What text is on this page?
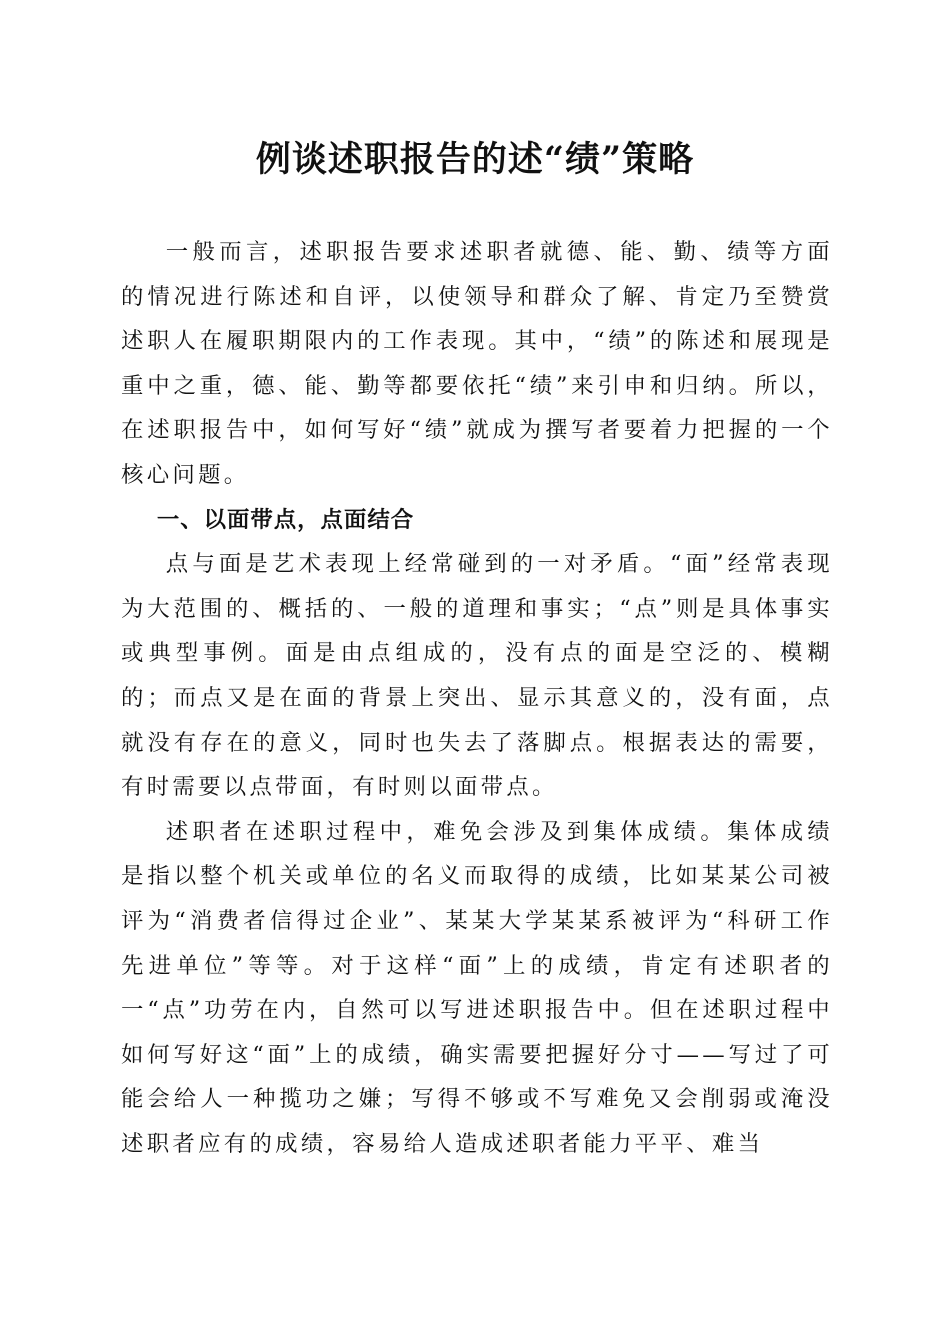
例谈述职报告的述“绩”策略

一般而言，述职报告要求述职者就德、能、勤、绩等方面的情况进行陈述和自评，以使领导和群众了解、肯定乃至赞赏述职人在履职期限内的工作表现。其中，“绩”的陈述和展现是重中之重，德、能、勤等都要依托“绩”来引申和归纳。所以，在述职报告中，如何写好“绩”就成为撰写者要着力把握的一个核心问题。

一、以面带点，点面结合

点与面是艺术表现上经常碰到的一对矛盾。“面”经常表现为大范围的、概括的、一般的道理和事实；“点”则是具体事实或典型事例。面是由点组成的，没有点的面是空泛的、模糊的；而点又是在面的背景上突出、显示其意义的，没有面，点就没有存在的意义，同时也失去了落脚点。根据表达的需要，有时需要以点带面，有时则以面带点。

述职者在述职过程中，难免会涉及到集体成绩。集体成绩是指以整个机关或单位的名义而取得的成绩，比如某某公司被评为“消费者信得过企业”、某某大学某某系被评为“科研工作先进单位”等等。对于这样“面”上的成绩，肯定有述职者的一“点”功劳在内，自然可以写进述职报告中。但在述职过程中如何写好这“面”上的成绩，确实需要把握好分寸——写过了可能会给人一种揽功之嫌；写得不够或不写难免又会削弱或淹没述职者应有的成绩，容易给人造成述职者能力平平、难当
